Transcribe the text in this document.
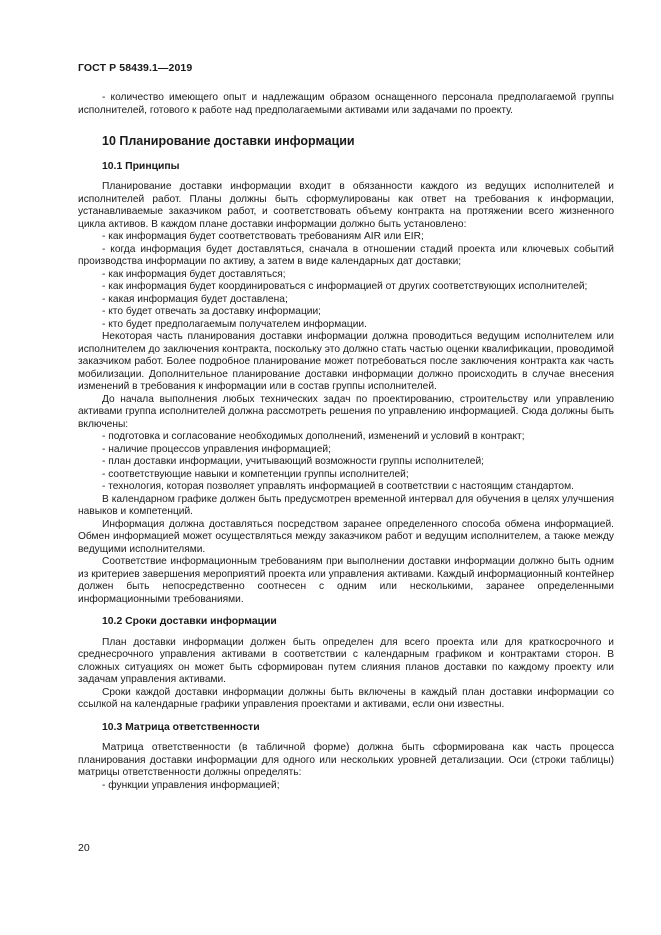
ГОСТ Р 58439.1—2019

- количество имеющего опыт и надлежащим образом оснащенного персонала предполагаемой группы исполнителей, готового к работе над предполагаемыми активами или задачами по проекту.

10 Планирование доставки информации
10.1 Принципы

Планирование доставки информации входит в обязанности каждого из ведущих исполнителей и исполнителей работ. Планы должны быть сформулированы как ответ на требования к информации, устанавливаемые заказчиком работ, и соответствовать объему контракта на протяжении всего жизненного цикла активов. В каждом плане доставки информации должно быть установлено:

- как информация будет соответствовать требованиям AIR или EIR;

- когда информация будет доставляться, сначала в отношении стадий проекта или ключевых событий производства информации по активу, а затем в виде календарных дат доставки;

- как информация будет доставляться;

- как информация будет координироваться с информацией от других соответствующих исполнителей;

- какая информация будет доставлена;

- кто будет отвечать за доставку информации;

- кто будет предполагаемым получателем информации.

Некоторая часть планирования доставки информации должна проводиться ведущим исполнителем или исполнителем до заключения контракта, поскольку это должно стать частью оценки квалификации, проводимой заказчиком работ. Более подробное планирование может потребоваться после заключения контракта как часть мобилизации. Дополнительное планирование доставки информации должно происходить в случае внесения изменений в требования к информации или в состав группы исполнителей.

До начала выполнения любых технических задач по проектированию, строительству или управлению активами группа исполнителей должна рассмотреть решения по управлению информацией. Сюда должны быть включены:

- подготовка и согласование необходимых дополнений, изменений и условий в контракт;

- наличие процессов управления информацией;

- план доставки информации, учитывающий возможности группы исполнителей;

- соответствующие навыки и компетенции группы исполнителей;

- технология, которая позволяет управлять информацией в соответствии с настоящим стандартом.

В календарном графике должен быть предусмотрен временной интервал для обучения в целях улучшения навыков и компетенций.

Информация должна доставляться посредством заранее определенного способа обмена информацией. Обмен информацией может осуществляться между заказчиком работ и ведущим исполнителем, а также между ведущими исполнителями.

Соответствие информационным требованиям при выполнении доставки информации должно быть одним из критериев завершения мероприятий проекта или управления активами. Каждый информационный контейнер должен быть непосредственно соотнесен с одним или несколькими, заранее определенными информационными требованиями.

10.2 Сроки доставки информации

План доставки информации должен быть определен для всего проекта или для краткосрочного и среднесрочного управления активами в соответствии с календарным графиком и контрактами сторон. В сложных ситуациях он может быть сформирован путем слияния планов доставки по каждому проекту или задачам управления активами.

Сроки каждой доставки информации должны быть включены в каждый план доставки информации со ссылкой на календарные графики управления проектами и активами, если они известны.

10.3 Матрица ответственности

Матрица ответственности (в табличной форме) должна быть сформирована как часть процесса планирования доставки информации для одного или нескольких уровней детализации. Оси (строки таблицы) матрицы ответственности должны определять:

- функции управления информацией;

20
